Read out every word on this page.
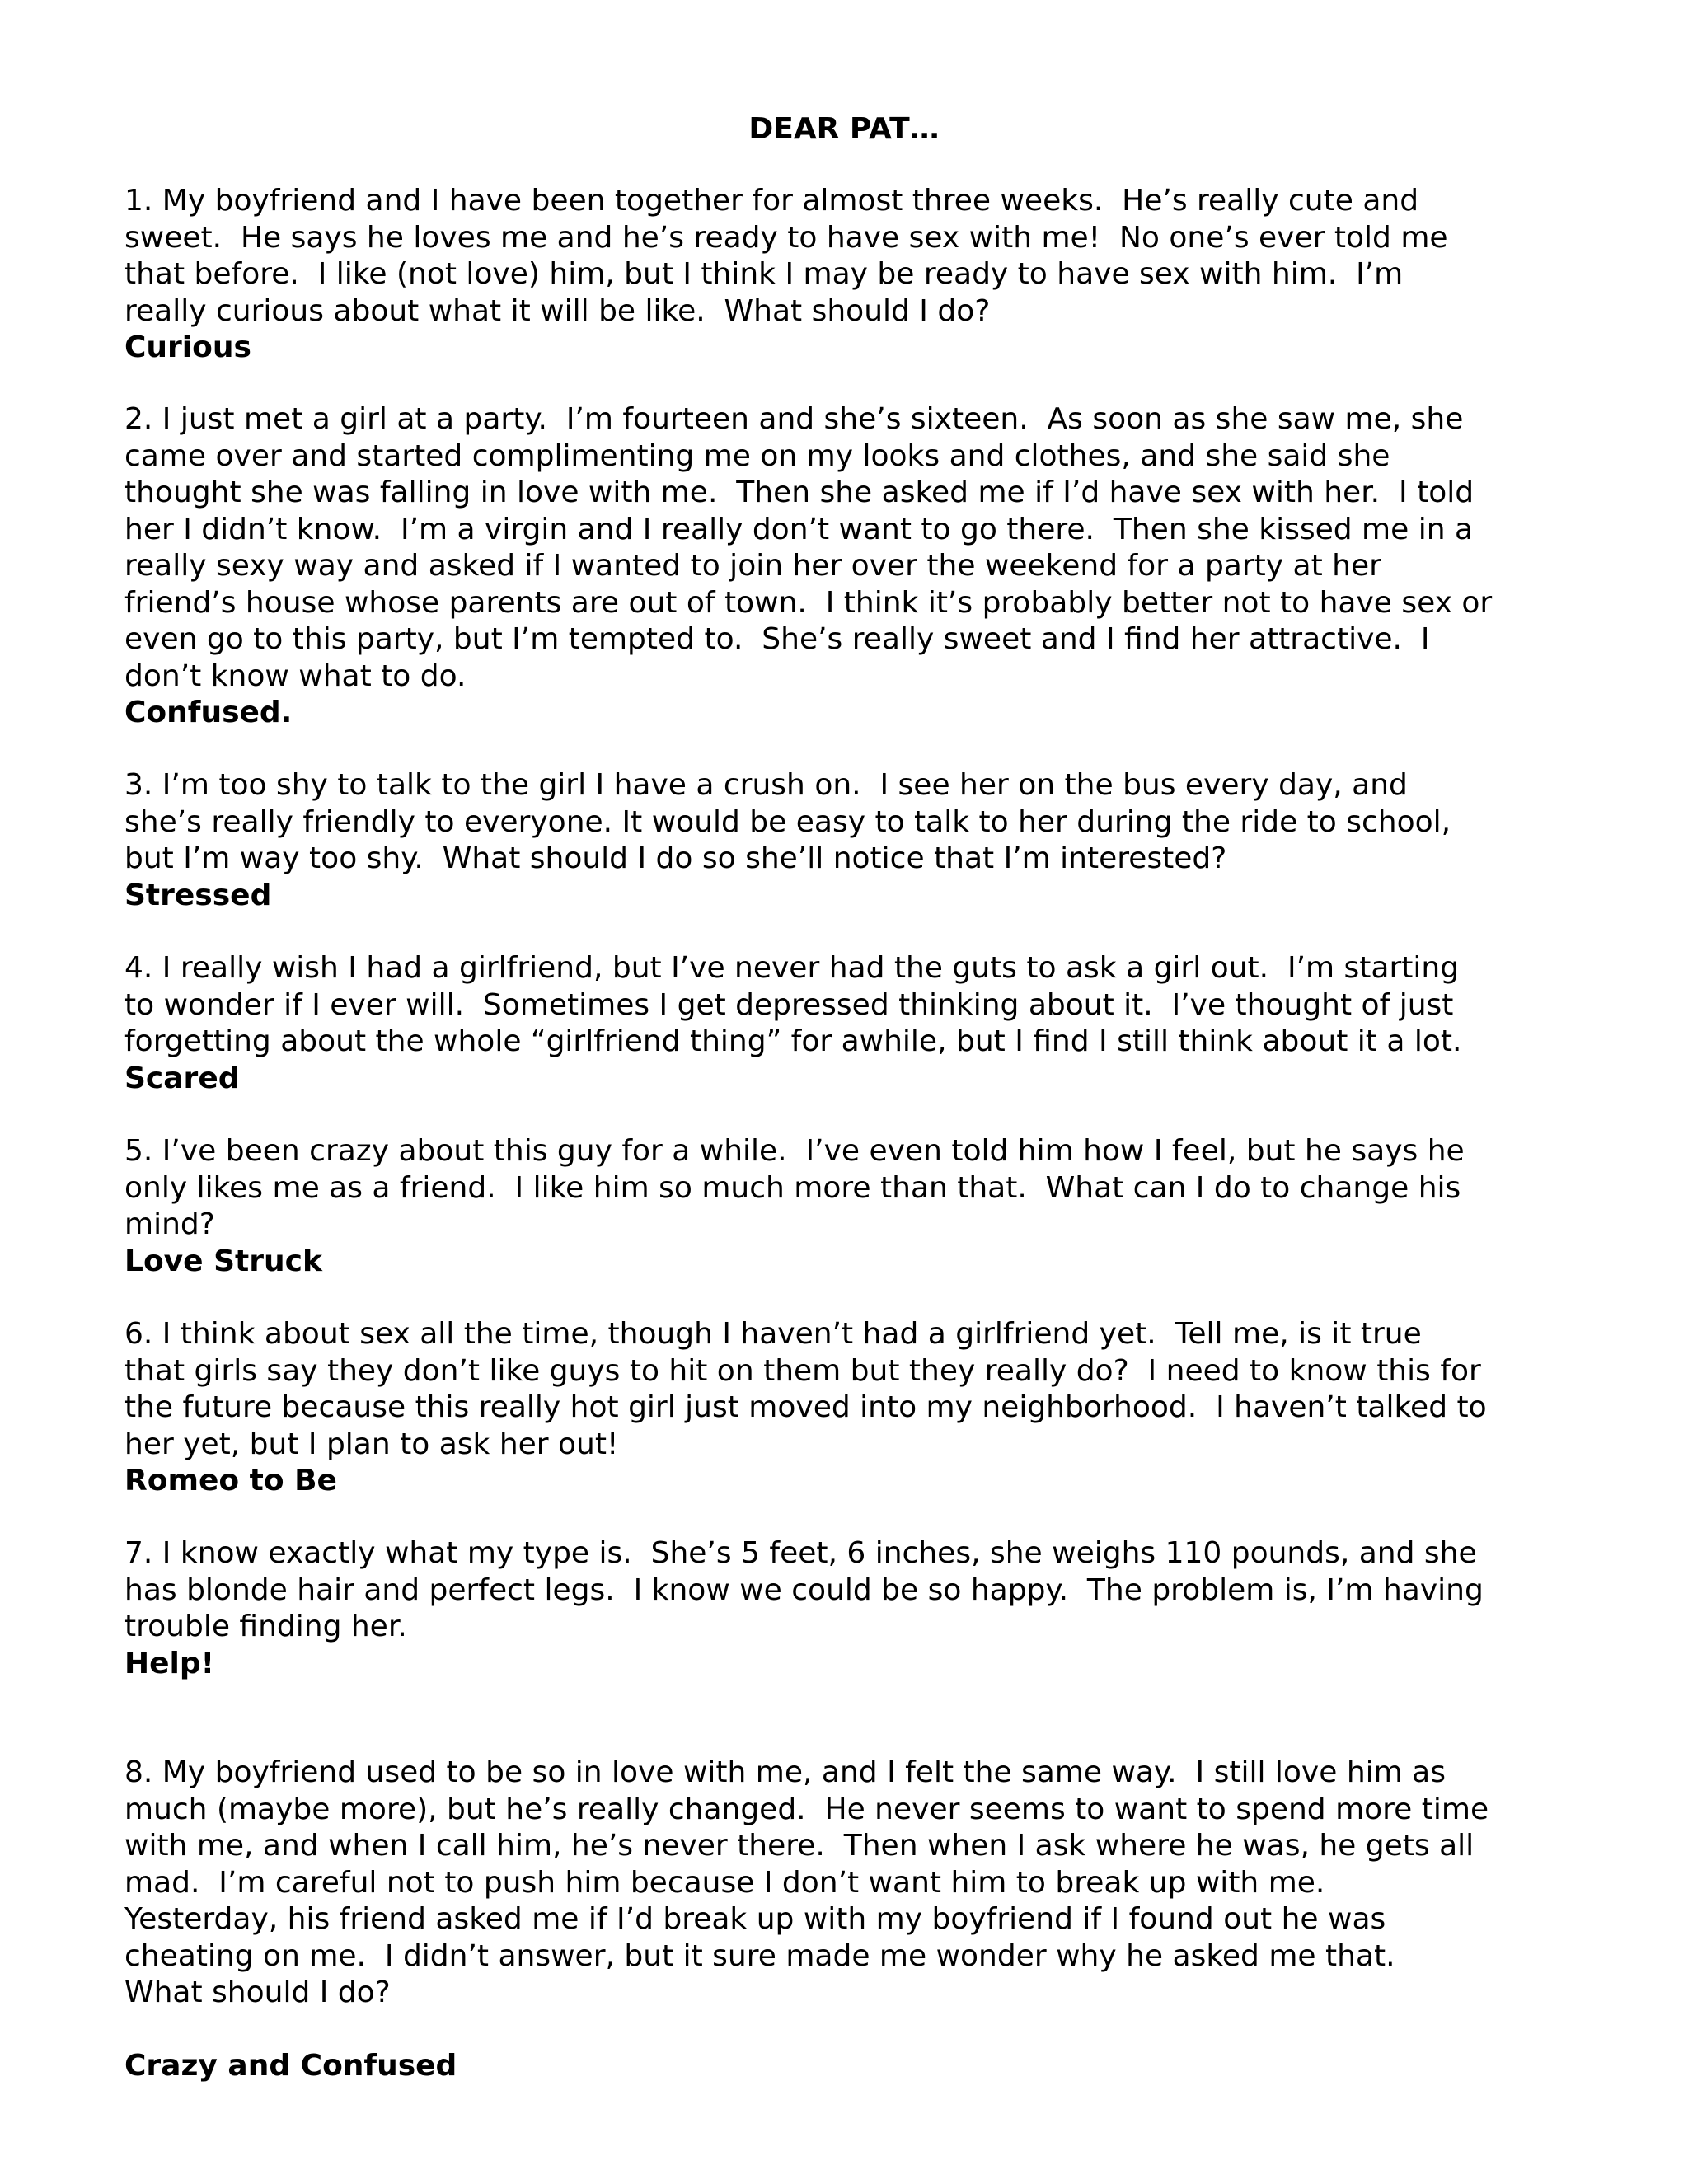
DEAR PAT…
1. My boyfriend and I have been together for almost three weeks.  He’s really cute and
sweet.  He says he loves me and he’s ready to have sex with me!  No one’s ever told me
that before.  I like (not love) him, but I think I may be ready to have sex with him.  I’m
really curious about what it will be like.  What should I do?
Curious
2. I just met a girl at a party.  I’m fourteen and she’s sixteen.  As soon as she saw me, she
came over and started complimenting me on my looks and clothes, and she said she
thought she was falling in love with me.  Then she asked me if I’d have sex with her.  I told
her I didn’t know.  I’m a virgin and I really don’t want to go there.  Then she kissed me in a
really sexy way and asked if I wanted to join her over the weekend for a party at her
friend’s house whose parents are out of town.  I think it’s probably better not to have sex or
even go to this party, but I’m tempted to.  She’s really sweet and I find her attractive.  I
don’t know what to do.
Confused.
3. I’m too shy to talk to the girl I have a crush on.  I see her on the bus every day, and
she’s really friendly to everyone. It would be easy to talk to her during the ride to school,
but I’m way too shy.  What should I do so she’ll notice that I’m interested?
Stressed
4. I really wish I had a girlfriend, but I’ve never had the guts to ask a girl out.  I’m starting
to wonder if I ever will.  Sometimes I get depressed thinking about it.  I’ve thought of just
forgetting about the whole “girlfriend thing” for awhile, but I find I still think about it a lot.
Scared
5. I’ve been crazy about this guy for a while.  I’ve even told him how I feel, but he says he
only likes me as a friend.  I like him so much more than that.  What can I do to change his
mind?
Love Struck
6. I think about sex all the time, though I haven’t had a girlfriend yet.  Tell me, is it true
that girls say they don’t like guys to hit on them but they really do?  I need to know this for
the future because this really hot girl just moved into my neighborhood.  I haven’t talked to
her yet, but I plan to ask her out!
Romeo to Be
7. I know exactly what my type is.  She’s 5 feet, 6 inches, she weighs 110 pounds, and she
has blonde hair and perfect legs.  I know we could be so happy.  The problem is, I’m having
trouble finding her.
Help!
8. My boyfriend used to be so in love with me, and I felt the same way.  I still love him as
much (maybe more), but he’s really changed.  He never seems to want to spend more time
with me, and when I call him, he’s never there.  Then when I ask where he was, he gets all
mad.  I’m careful not to push him because I don’t want him to break up with me.
Yesterday, his friend asked me if I’d break up with my boyfriend if I found out he was
cheating on me.  I didn’t answer, but it sure made me wonder why he asked me that.
What should I do?
Crazy and Confused
